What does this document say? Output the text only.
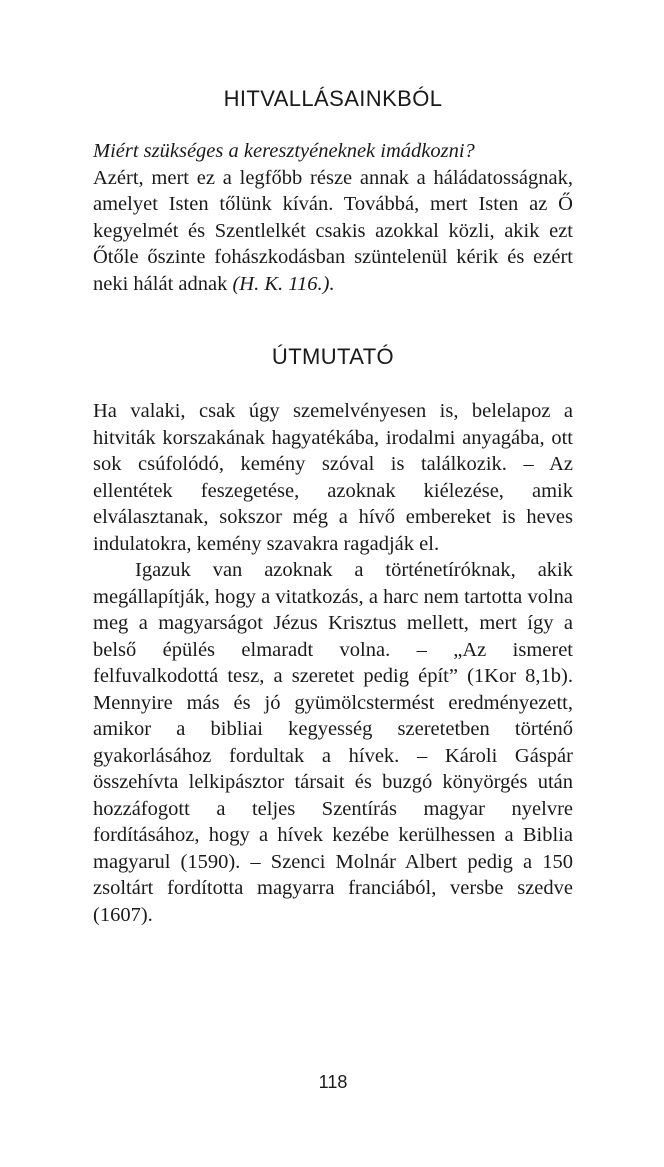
HITVALLÁSAINKBÓL
Miért szükséges a keresztyéneknek imádkozni?
Azért, mert ez a legfőbb része annak a háládatosságnak, amelyet Isten tőlünk kíván. Továbbá, mert Isten az Ő kegyelmét és Szentlelkét csakis azokkal közli, akik ezt Őtőle őszinte fohászkodásban szüntelenül kérik és ezért neki hálát adnak (H. K. 116.).
ÚTMUTATÓ
Ha valaki, csak úgy szemelvényesen is, belelapoz a hitviták korszakának hagyatékába, irodalmi anyagába, ott sok csúfolódó, kemény szóval is találkozik. – Az ellentétek feszegetése, azoknak kiélezése, amik elválasztanak, sokszor még a hívő embereket is heves indulatokra, kemény szavakra ragadják el.
Igazuk van azoknak a történetíróknak, akik megállapítják, hogy a vitatkozás, a harc nem tartotta volna meg a magyarságot Jézus Krisztus mellett, mert így a belső épülés elmaradt volna. – „Az ismeret felfuvalkodottá tesz, a szeretet pedig épít” (1Kor 8,1b). Mennyire más és jó gyümölcstermést eredményezett, amikor a bibliai kegyesség szeretetben történő gyakorlásához fordultak a hívek. – Károli Gáspár összehívta lelkipásztor társait és buzgó könyörgés után hozzáfogott a teljes Szentírás magyar nyelvre fordításához, hogy a hívek kezébe kerülhessen a Biblia magyarul (1590). – Szenci Molnár Albert pedig a 150 zsoltárt fordította magyarra franciából, versbe szedve (1607).
118
